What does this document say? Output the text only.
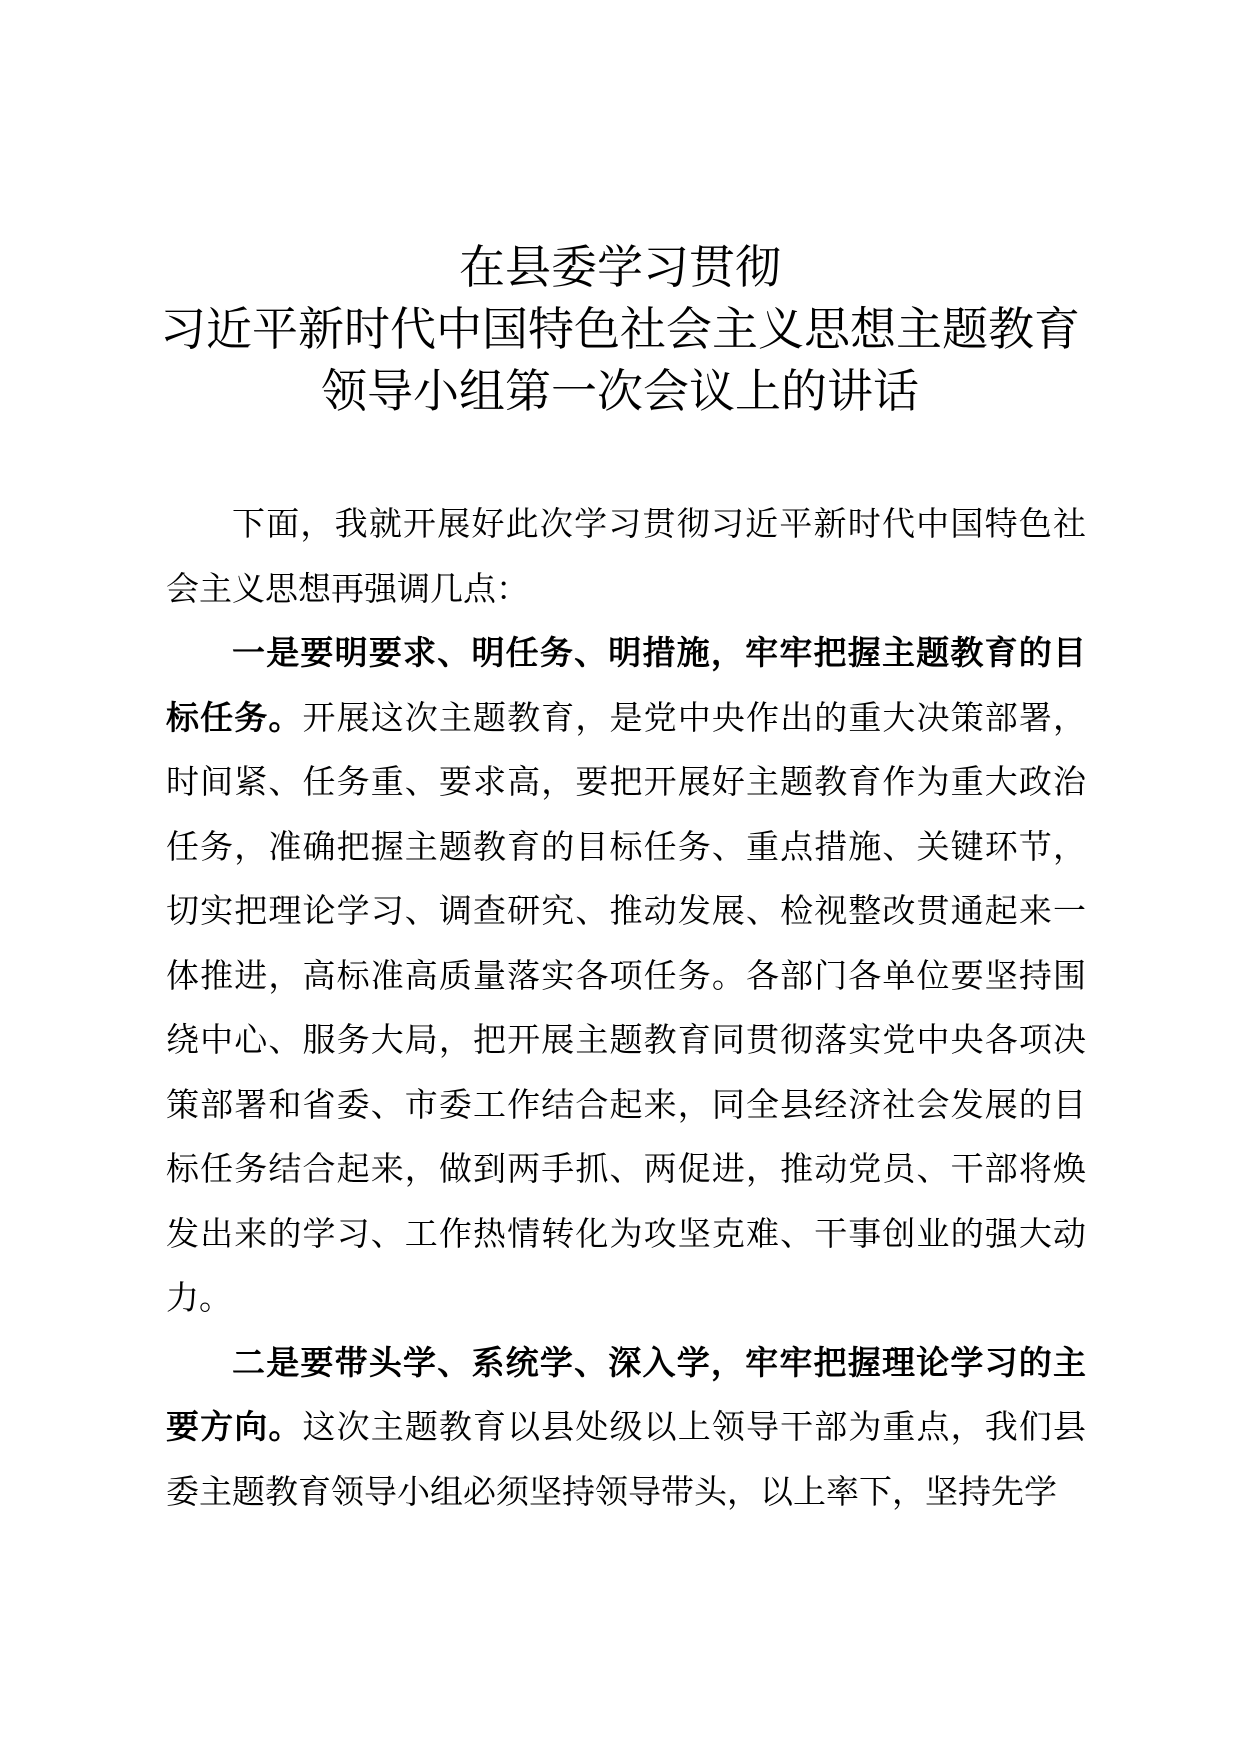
在县委学习贯彻
习近平新时代中国特色社会主义思想主题教育
领导小组第一次会议上的讲话

下面，我就开展好此次学习贯彻习近平新时代中国特色社会主义思想再强调几点：

一是要明要求、明任务、明措施，牢牢把握主题教育的目标任务。开展这次主题教育，是党中央作出的重大决策部署，时间紧、任务重、要求高，要把开展好主题教育作为重大政治任务，准确把握主题教育的目标任务、重点措施、关键环节，切实把理论学习、调查研究、推动发展、检视整改贯通起来一体推进，高标准高质量落实各项任务。各部门各单位要坚持围绕中心、服务大局，把开展主题教育同贯彻落实党中央各项决策部署和省委、市委工作结合起来，同全县经济社会发展的目标任务结合起来，做到两手抓、两促进，推动党员、干部将焕发出来的学习、工作热情转化为攻坚克难、干事创业的强大动力。

二是要带头学、系统学、深入学，牢牢把握理论学习的主要方向。这次主题教育以县处级以上领导干部为重点，我们县委主题教育领导小组必须坚持领导带头，以上率下，坚持先学
